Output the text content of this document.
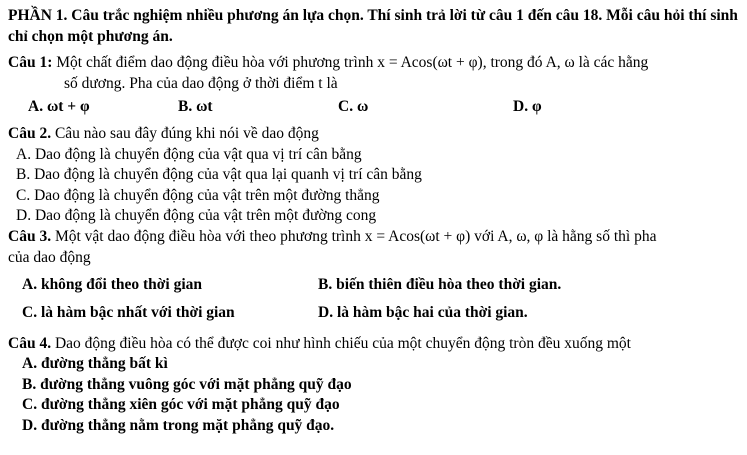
PHẦN 1. Câu trắc nghiệm nhiều phương án lựa chọn. Thí sinh trả lời từ câu 1 đến câu 18. Mỗi câu hỏi thí sinh chỉ chọn một phương án.

Câu 1: Một chất điểm dao động điều hòa với phương trình x = Acos(ωt + φ), trong đó A, ω là các hằng
số dương. Pha của dao động ở thời điểm t là

A. ωt + φ	B. ωt	C. ω	D. φ

Câu 2. Câu nào sau đây đúng khi nói về dao động

A. Dao động là chuyển động của vật qua vị trí cân bằng

B. Dao động là chuyển động của vật qua lại quanh vị trí cân bằng

C. Dao động là chuyển động của vật trên một đường thẳng

D. Dao động là chuyển động của vật trên một đường cong

Câu 3. Một vật dao động điều hòa với theo phương trình x = Acos(ωt + φ) với A, ω, φ là hằng số thì pha
của dao động

A. không đổi theo thời gian	B. biến thiên điều hòa theo thời gian.
C. là hàm bậc nhất với thời gian	D. là hàm bậc hai của thời gian.

Câu 4. Dao động điều hòa có thể được coi như hình chiếu của một chuyển động tròn đều xuống một

A. đường thẳng bất kì

B. đường thẳng vuông góc với mặt phẳng quỹ đạo

C. đường thẳng xiên góc với mặt phẳng quỹ đạo

D. đường thẳng nằm trong mặt phẳng quỹ đạo.
